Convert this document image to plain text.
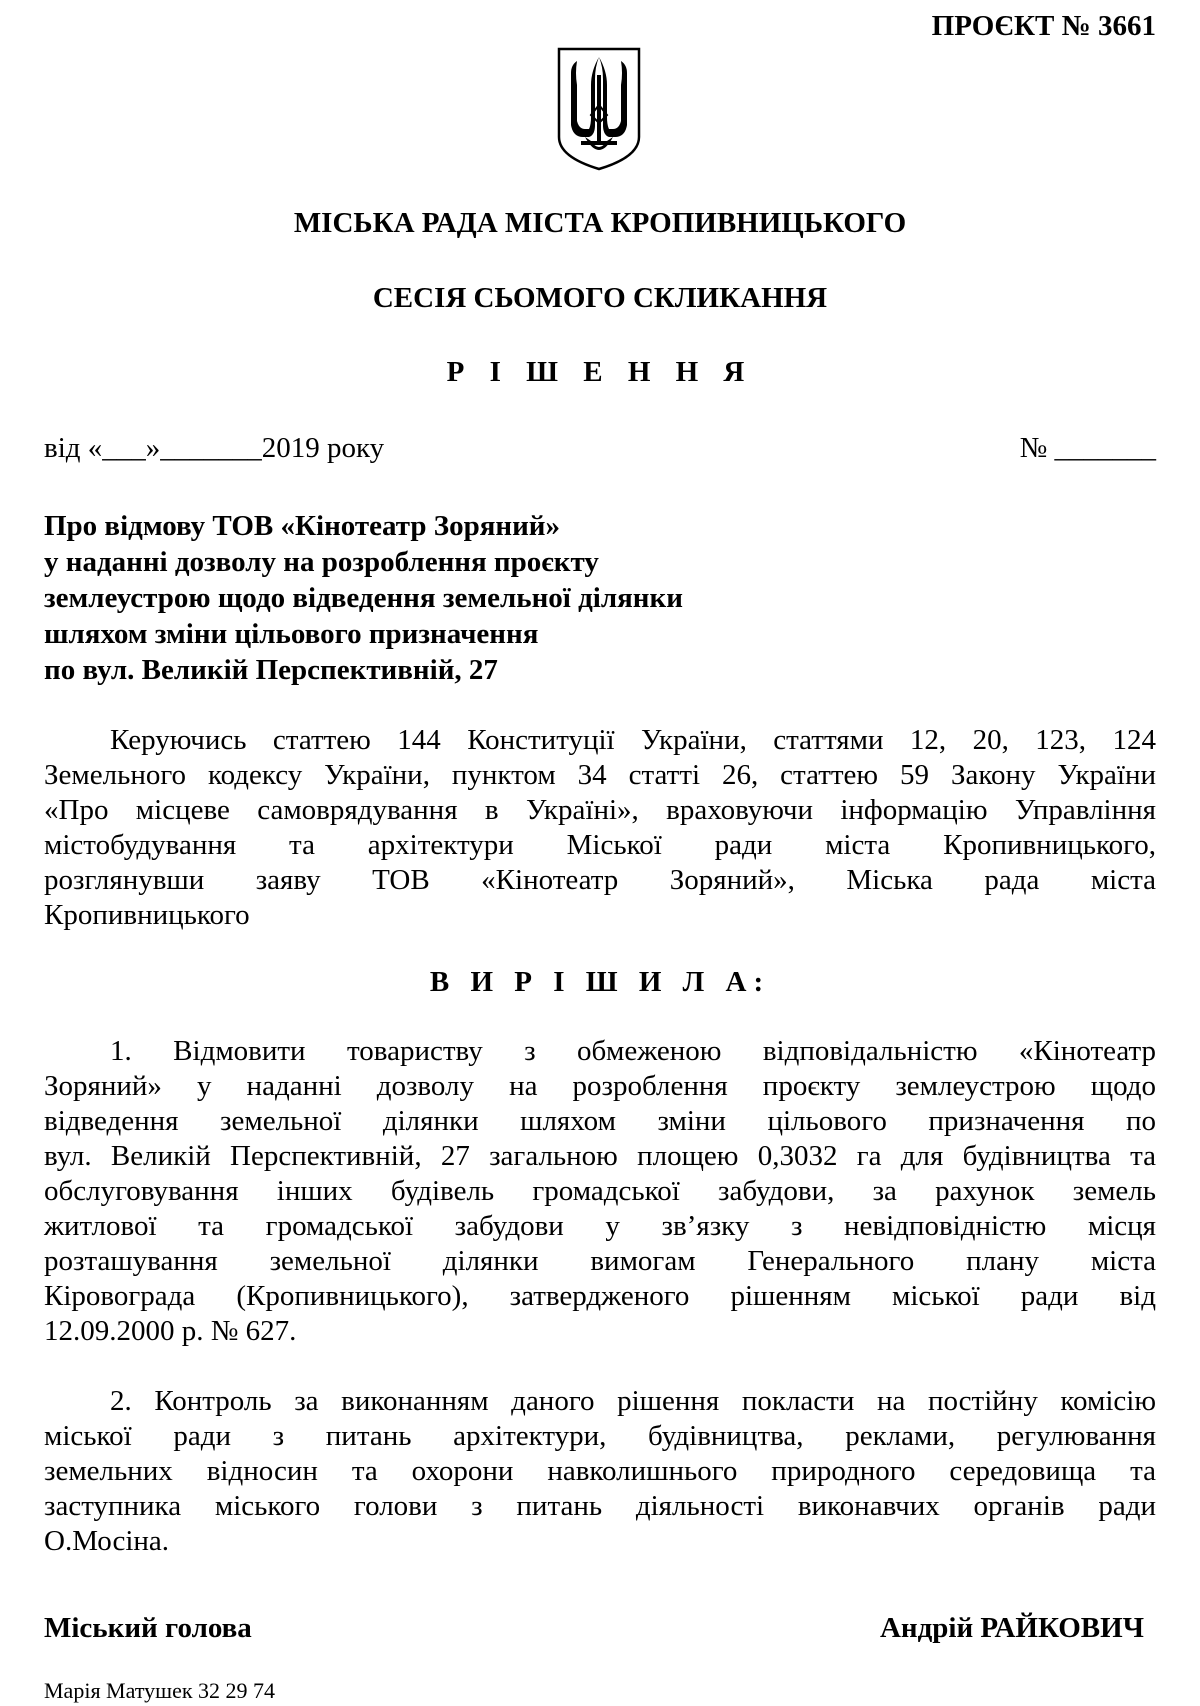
ПРОЄКТ № 3661
МІСЬКА РАДА МІСТА КРОПИВНИЦЬКОГО
СЕСІЯ СЬОМОГО СКЛИКАННЯ
Р І Ш Е Н Н Я
від «___»_______2019 року	№ _______
Про відмову ТОВ «Кінотеатр Зоряний»
у наданні дозволу на розроблення проєкту
землеустрою щодо відведення земельної ділянки
шляхом зміни цільового призначення
по вул. Великій Перспективній, 27
Керуючись статтею 144 Конституції України, статтями 12, 20, 123, 124
Земельного кодексу України, пунктом 34 статті 26, статтею 59 Закону України
«Про місцеве самоврядування в Україні», враховуючи інформацію Управління
містобудування та архітектури Міської ради міста Кропивницького,
розглянувши заяву ТОВ «Кінотеатр Зоряний», Міська рада міста
Кропивницького
В И Р І Ш И Л А:
1. Відмовити товариству з обмеженою відповідальністю «Кінотеатр
Зоряний» у наданні дозволу на розроблення проєкту землеустрою щодо
відведення земельної ділянки шляхом зміни цільового призначення по
вул. Великій Перспективній, 27 загальною площею 0,3032 га для будівництва та
обслуговування інших будівель громадської забудови, за рахунок земель
житлової та громадської забудови у зв’язку з невідповідністю місця
розташування земельної ділянки вимогам Генерального плану міста
Кіровограда (Кропивницького), затвердженого рішенням міської ради від
12.09.2000 р. № 627.
2. Контроль за виконанням даного рішення покласти на постійну комісію
міської ради з питань архітектури, будівництва, реклами, регулювання
земельних відносин та охорони навколишнього природного середовища та
заступника міського голови з питань діяльності виконавчих органів ради
О.Мосіна.
Міський голова	Андрій РАЙКОВИЧ
Марія Матушек 32 29 74
